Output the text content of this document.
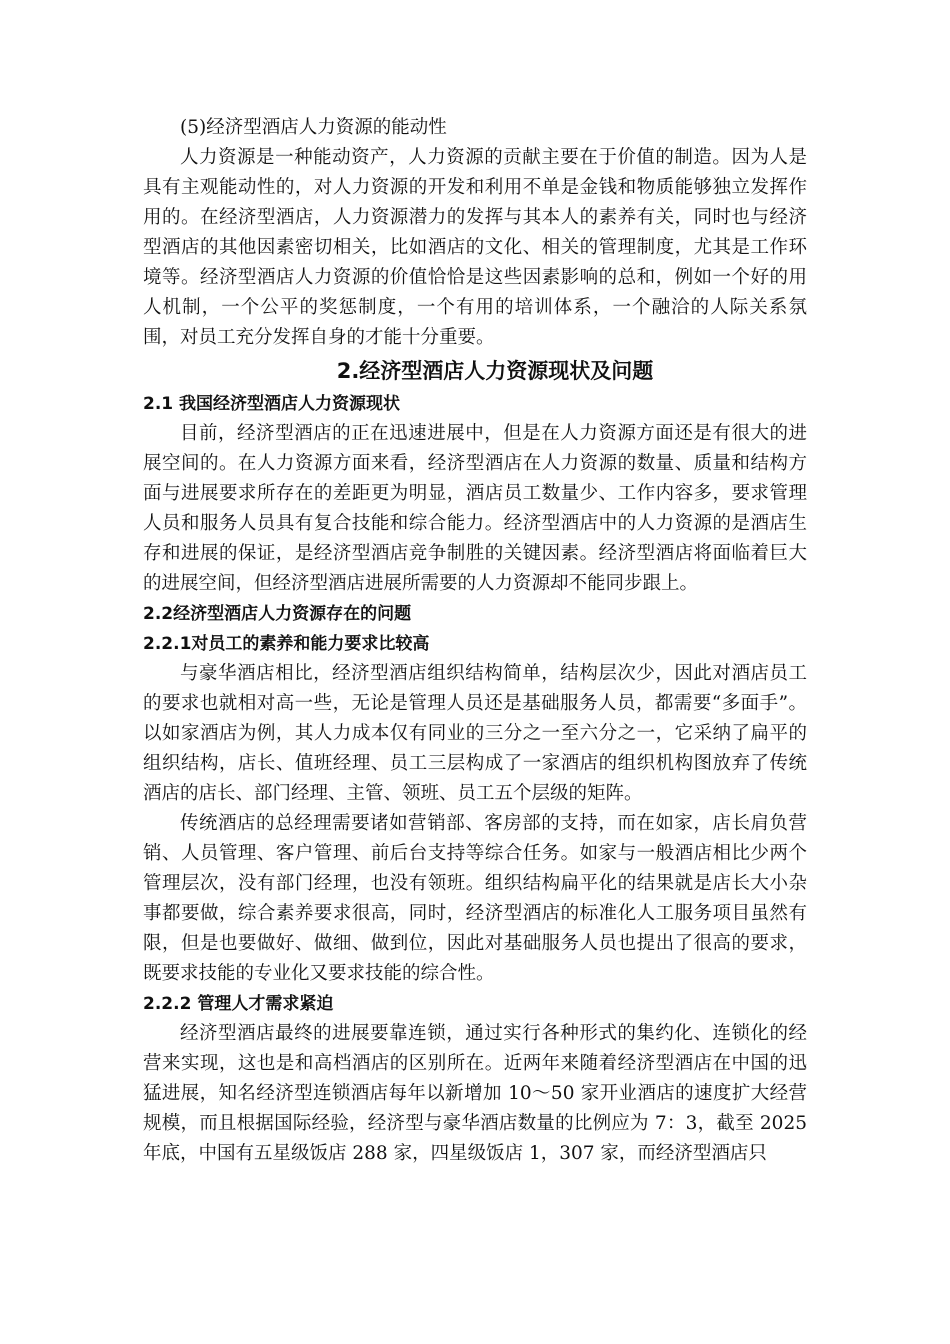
(5)经济型酒店人力资源的能动性

人力资源是一种能动资产，人力资源的贡献主要在于价值的制造。因为人是具有主观能动性的，对人力资源的开发和利用不单是金钱和物质能够独立发挥作用的。在经济型酒店，人力资源潜力的发挥与其本人的素养有关，同时也与经济型酒店的其他因素密切相关，比如酒店的文化、相关的管理制度，尤其是工作环境等。经济型酒店人力资源的价值恰恰是这些因素影响的总和，例如一个好的用人机制，一个公平的奖惩制度，一个有用的培训体系，一个融洽的人际关系氛围，对员工充分发挥自身的才能十分重要。

2.经济型酒店人力资源现状及问题
2.1 我国经济型酒店人力资源现状

目前，经济型酒店的正在迅速进展中，但是在人力资源方面还是有很大的进展空间的。在人力资源方面来看，经济型酒店在人力资源的数量、质量和结构方面与进展要求所存在的差距更为明显，酒店员工数量少、工作内容多，要求管理人员和服务人员具有复合技能和综合能力。经济型酒店中的人力资源的是酒店生存和进展的保证，是经济型酒店竞争制胜的关键因素。经济型酒店将面临着巨大的进展空间，但经济型酒店进展所需要的人力资源却不能同步跟上。

2.2经济型酒店人力资源存在的问题
2.2.1对员工的素养和能力要求比较高

与豪华酒店相比，经济型酒店组织结构简单，结构层次少，因此对酒店员工的要求也就相对高一些，无论是管理人员还是基础服务人员，都需要“多面手”。以如家酒店为例，其人力成本仅有同业的三分之一至六分之一，它采纳了扁平的组织结构，店长、值班经理、员工三层构成了一家酒店的组织机构图放弃了传统酒店的店长、部门经理、主管、领班、员工五个层级的矩阵。

传统酒店的总经理需要诸如营销部、客房部的支持，而在如家，店长肩负营销、人员管理、客户管理、前后台支持等综合任务。如家与一般酒店相比少两个管理层次，没有部门经理，也没有领班。组织结构扁平化的结果就是店长大小杂事都要做，综合素养要求很高，同时，经济型酒店的标准化人工服务项目虽然有限，但是也要做好、做细、做到位，因此对基础服务人员也提出了很高的要求，既要求技能的专业化又要求技能的综合性。

2.2.2 管理人才需求紧迫

经济型酒店最终的进展要靠连锁，通过实行各种形式的集约化、连锁化的经营来实现，这也是和高档酒店的区别所在。近两年来随着经济型酒店在中国的迅猛进展，知名经济型连锁酒店每年以新增加 10～50 家开业酒店的速度扩大经营规模，而且根据国际经验，经济型与豪华酒店数量的比例应为 7：3，截至 2025 年底，中国有五星级饭店 288 家，四星级饭店 1，307 家，而经济型酒店只
